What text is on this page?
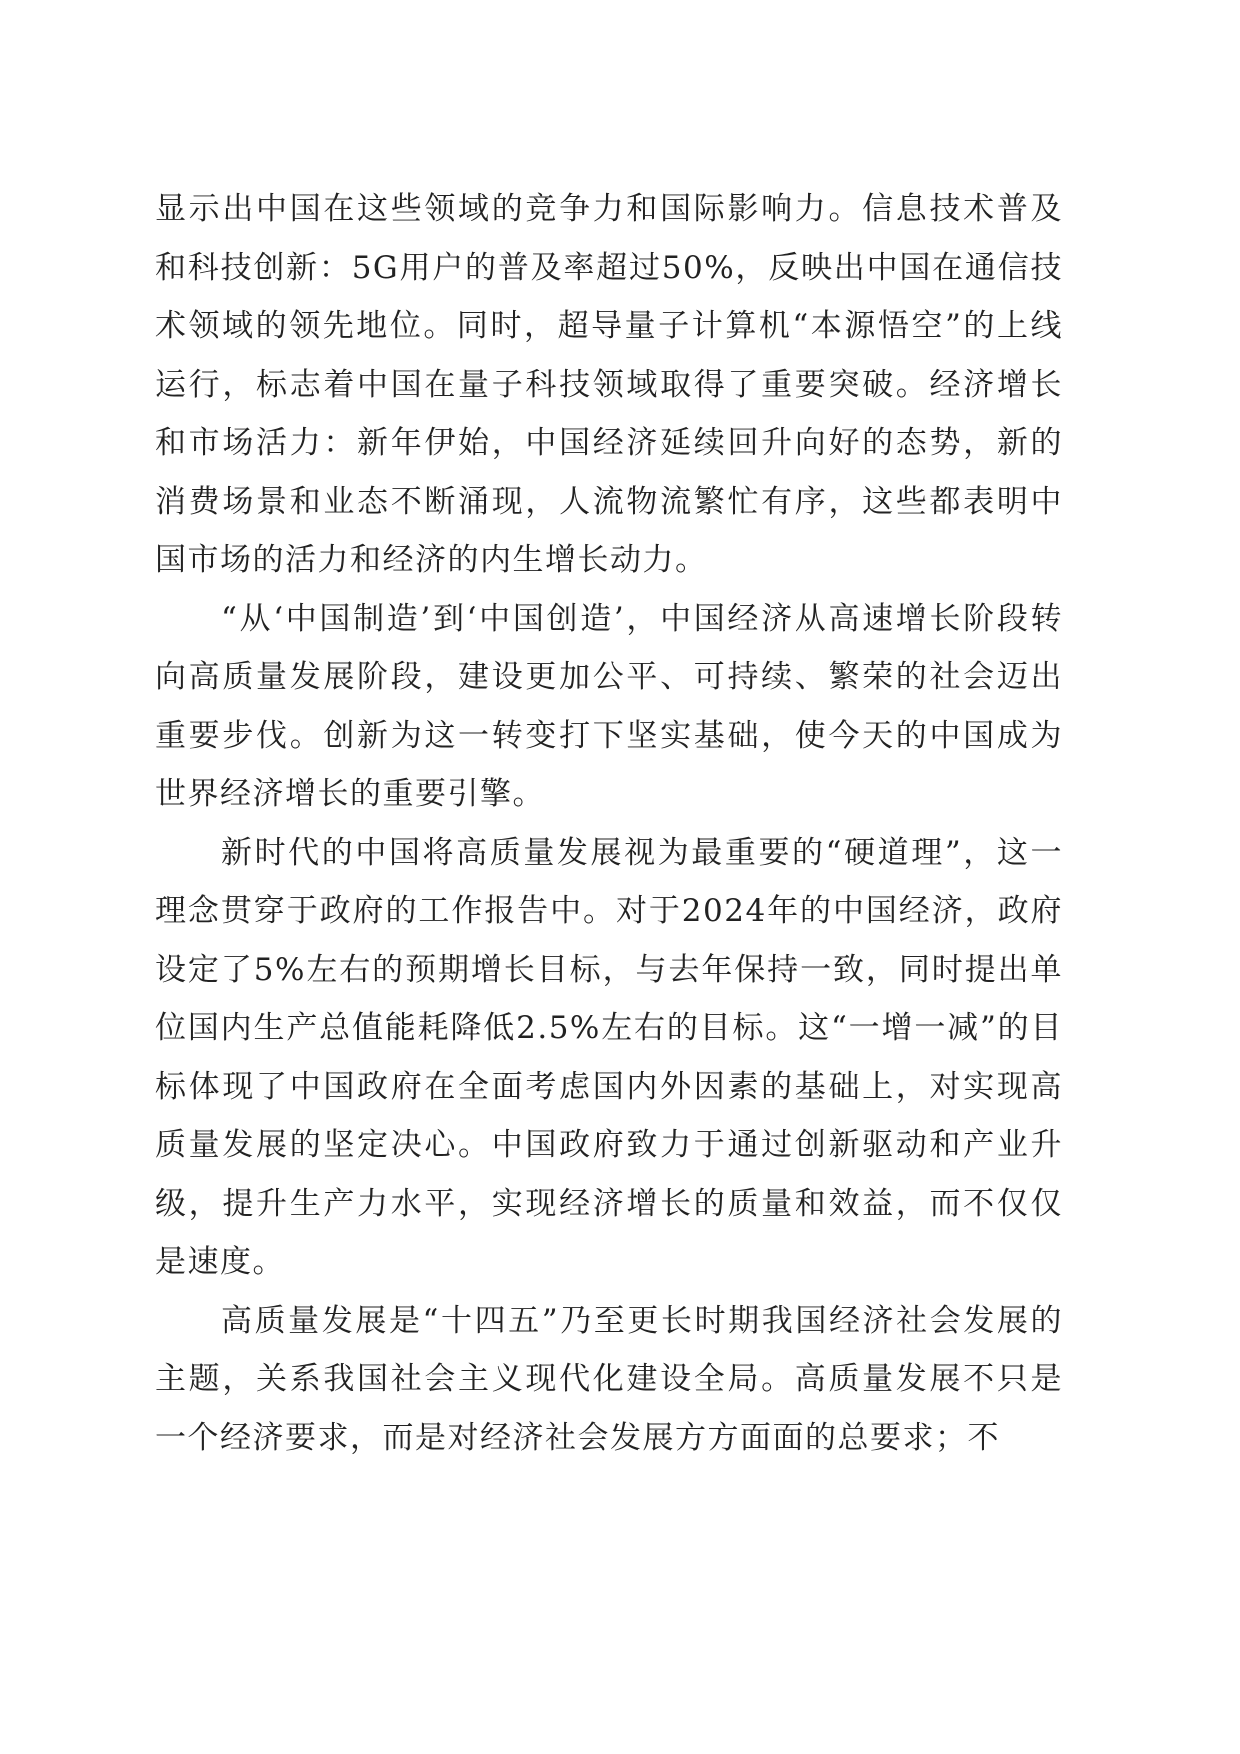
显示出中国在这些领域的竞争力和国际影响力。信息技术普及和科技创新：5G用户的普及率超过50%，反映出中国在通信技术领域的领先地位。同时，超导量子计算机“本源悟空”的上线运行，标志着中国在量子科技领域取得了重要突破。经济增长和市场活力：新年伊始，中国经济延续回升向好的态势，新的消费场景和业态不断涌现，人流物流繁忙有序，这些都表明中国市场的活力和经济的内生增长动力。

“从‘中国制造’到‘中国创造’，中国经济从高速增长阶段转向高质量发展阶段，建设更加公平、可持续、繁荣的社会迈出重要步伐。创新为这一转变打下坚实基础，使今天的中国成为世界经济增长的重要引擎。

新时代的中国将高质量发展视为最重要的“硬道理”，这一理念贯穿于政府的工作报告中。对于2024年的中国经济，政府设定了5%左右的预期增长目标，与去年保持一致，同时提出单位国内生产总值能耗降低2.5%左右的目标。这“一增一减”的目标体现了中国政府在全面考虑国内外因素的基础上，对实现高质量发展的坚定决心。中国政府致力于通过创新驱动和产业升级，提升生产力水平，实现经济增长的质量和效益，而不仅仅是速度。

高质量发展是“十四五”乃至更长时期我国经济社会发展的主题，关系我国社会主义现代化建设全局。高质量发展不只是一个经济要求，而是对经济社会发展方方面面的总要求；不
